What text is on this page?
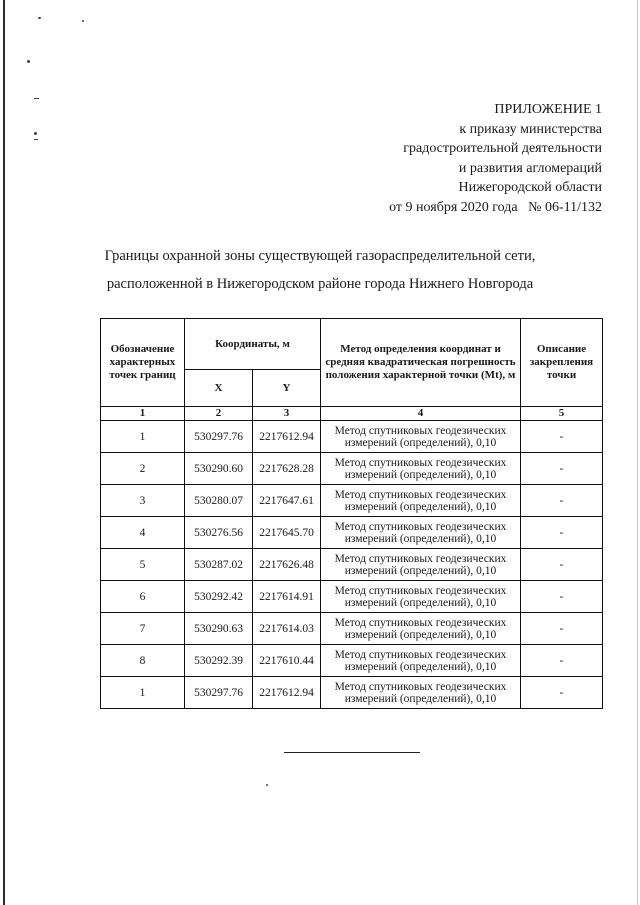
ПРИЛОЖЕНИЕ 1
к приказу министерства
градостроительной деятельности
и развития агломераций
Нижегородской области
от 9 ноября 2020 года   № 06-11/132
Границы охранной зоны существующей газораспределительной сети,
расположенной в Нижегородском районе города Нижнего Новгорода
Обозначение характерных точек границ	Координаты, м		Метод определения координат и средняя квадратическая погрешность положения характерной точки (Mt), м	Описание закрепления точки
	X	Y		
1	2	3	4	5
1	530297.76	2217612.94	Метод спутниковых геодезических измерений (определений), 0,10	-
2	530290.60	2217628.28	Метод спутниковых геодезических измерений (определений), 0,10	-
3	530280.07	2217647.61	Метод спутниковых геодезических измерений (определений), 0,10	-
4	530276.56	2217645.70	Метод спутниковых геодезических измерений (определений), 0,10	-
5	530287.02	2217626.48	Метод спутниковых геодезических измерений (определений), 0,10	-
6	530292.42	2217614.91	Метод спутниковых геодезических измерений (определений), 0,10	-
7	530290.63	2217614.03	Метод спутниковых геодезических измерений (определений), 0,10	-
8	530292.39	2217610.44	Метод спутниковых геодезических измерений (определений), 0,10	-
1	530297.76	2217612.94	Метод спутниковых геодезических измерений (определений), 0,10	-
